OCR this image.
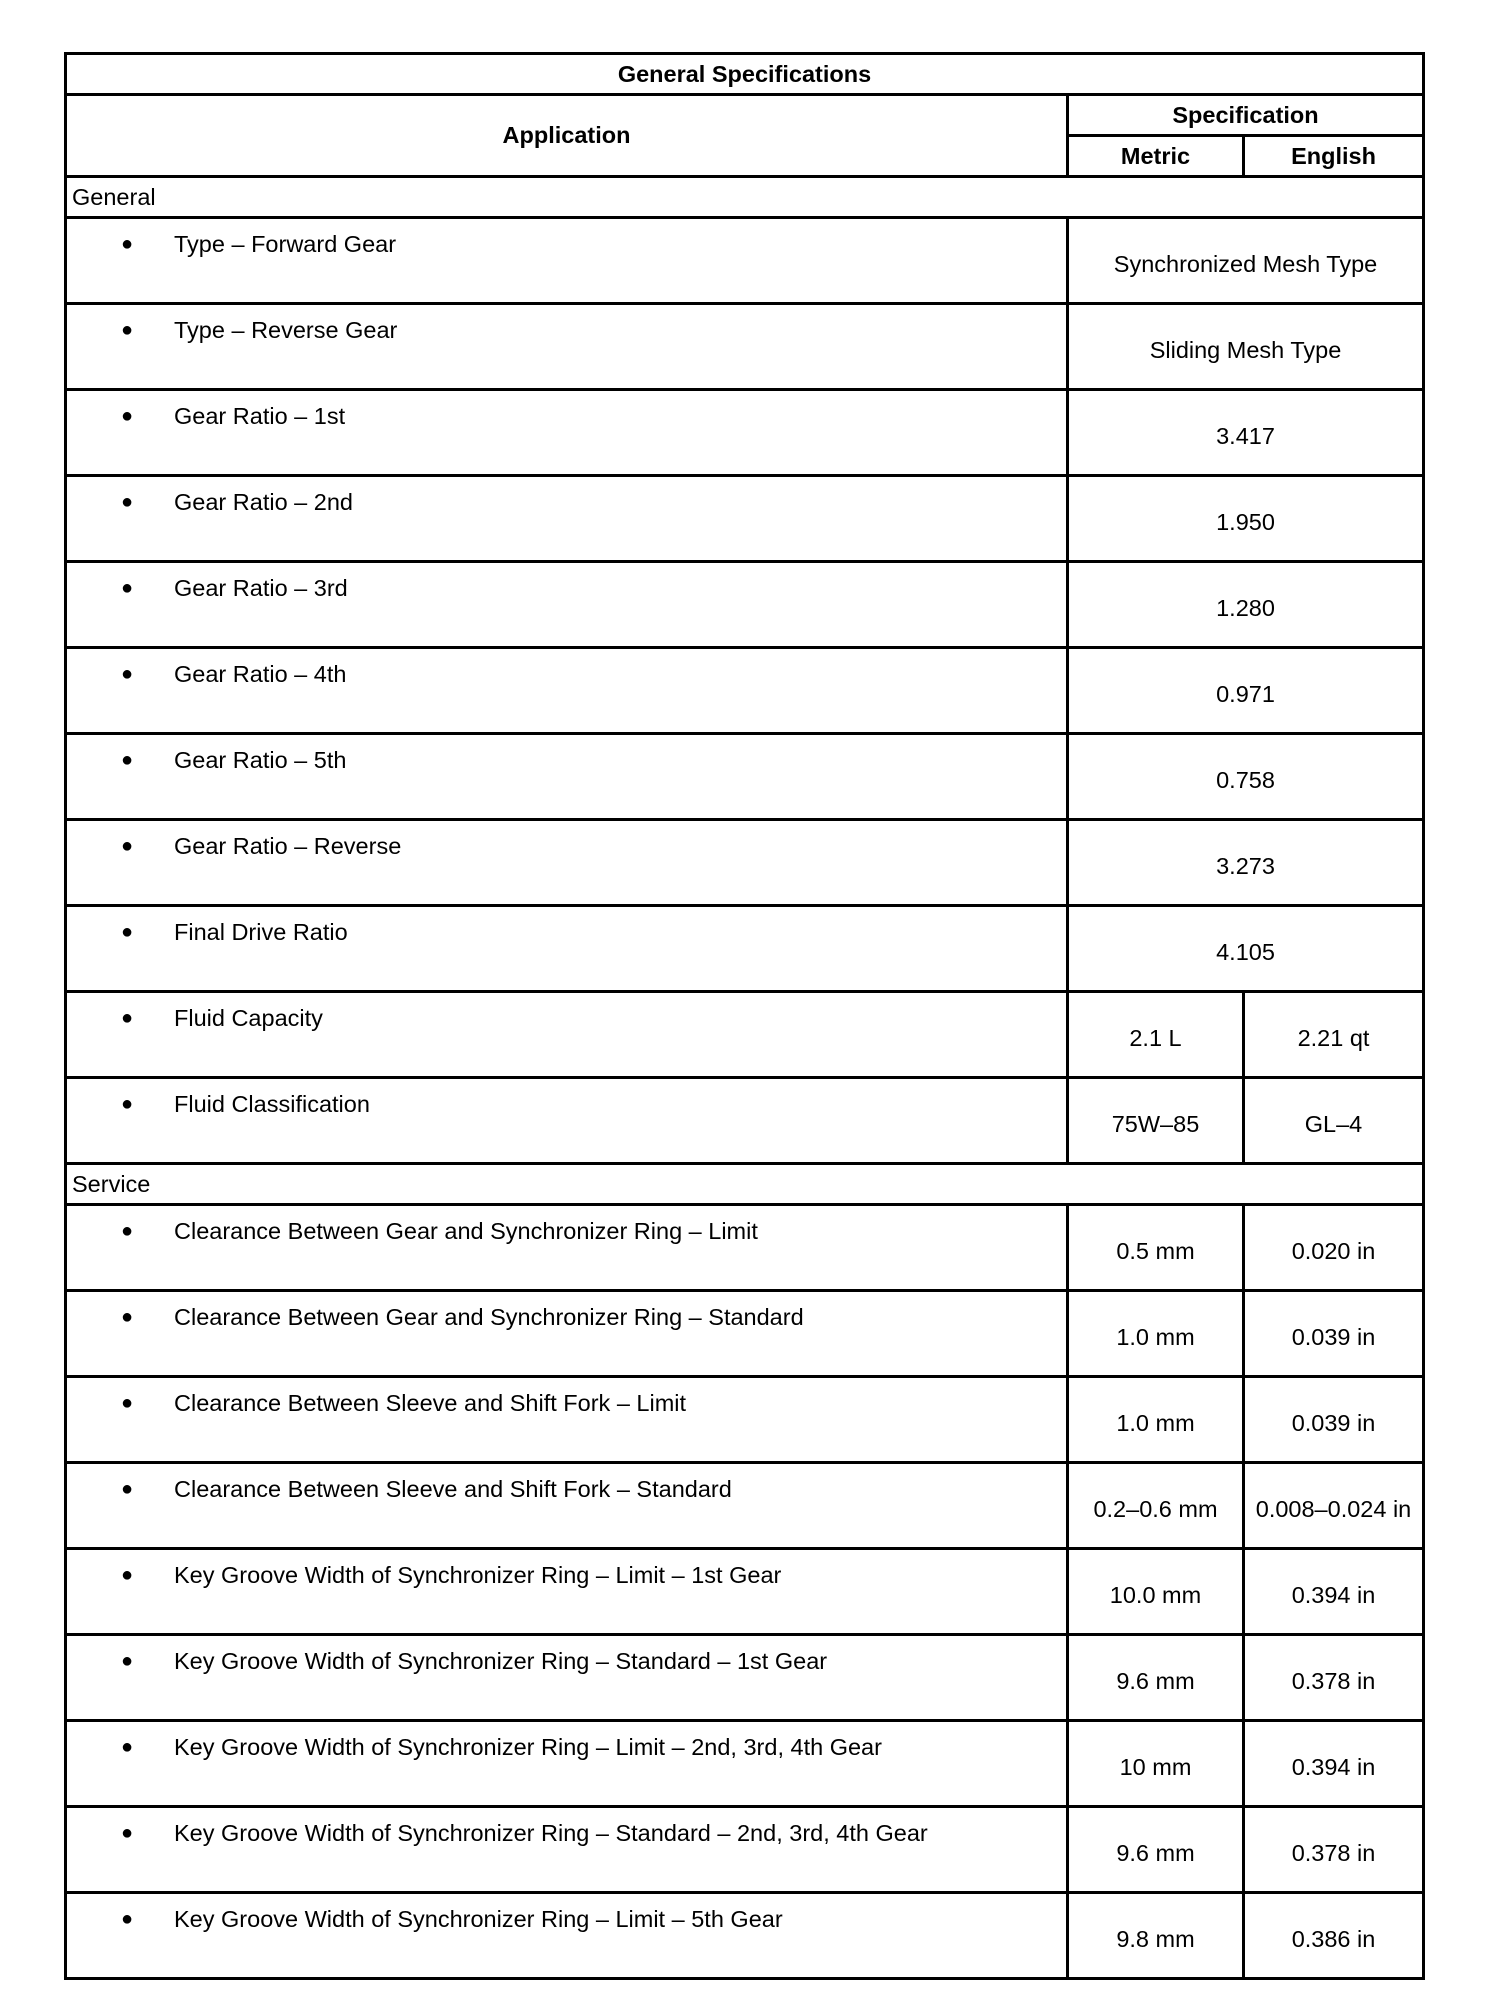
General Specifications		
Application	Specification	
	Metric	English
General		

● Type – Forward Gear	Synchronized Mesh Type	

● Type – Reverse Gear	Sliding Mesh Type	

● Gear Ratio – 1st	3.417	

● Gear Ratio – 2nd	1.950	

● Gear Ratio – 3rd	1.280	

● Gear Ratio – 4th	0.971	

● Gear Ratio – 5th	0.758	

● Gear Ratio – Reverse	3.273	

● Final Drive Ratio	4.105	

● Fluid Capacity	2.1 L	2.21 qt

● Fluid Classification	75W–85	GL–4
Service		

● Clearance Between Gear and Synchronizer Ring – Limit	0.5 mm	0.020 in

● Clearance Between Gear and Synchronizer Ring – Standard	1.0 mm	0.039 in

● Clearance Between Sleeve and Shift Fork – Limit	1.0 mm	0.039 in

● Clearance Between Sleeve and Shift Fork – Standard	0.2–0.6 mm	0.008–0.024 in

● Key Groove Width of Synchronizer Ring – Limit – 1st Gear	10.0 mm	0.394 in

● Key Groove Width of Synchronizer Ring – Standard – 1st Gear	9.6 mm	0.378 in

● Key Groove Width of Synchronizer Ring – Limit – 2nd, 3rd, 4th Gear	10 mm	0.394 in

● Key Groove Width of Synchronizer Ring – Standard – 2nd, 3rd, 4th Gear	9.6 mm	0.378 in

● Key Groove Width of Synchronizer Ring – Limit – 5th Gear	9.8 mm	0.386 in
